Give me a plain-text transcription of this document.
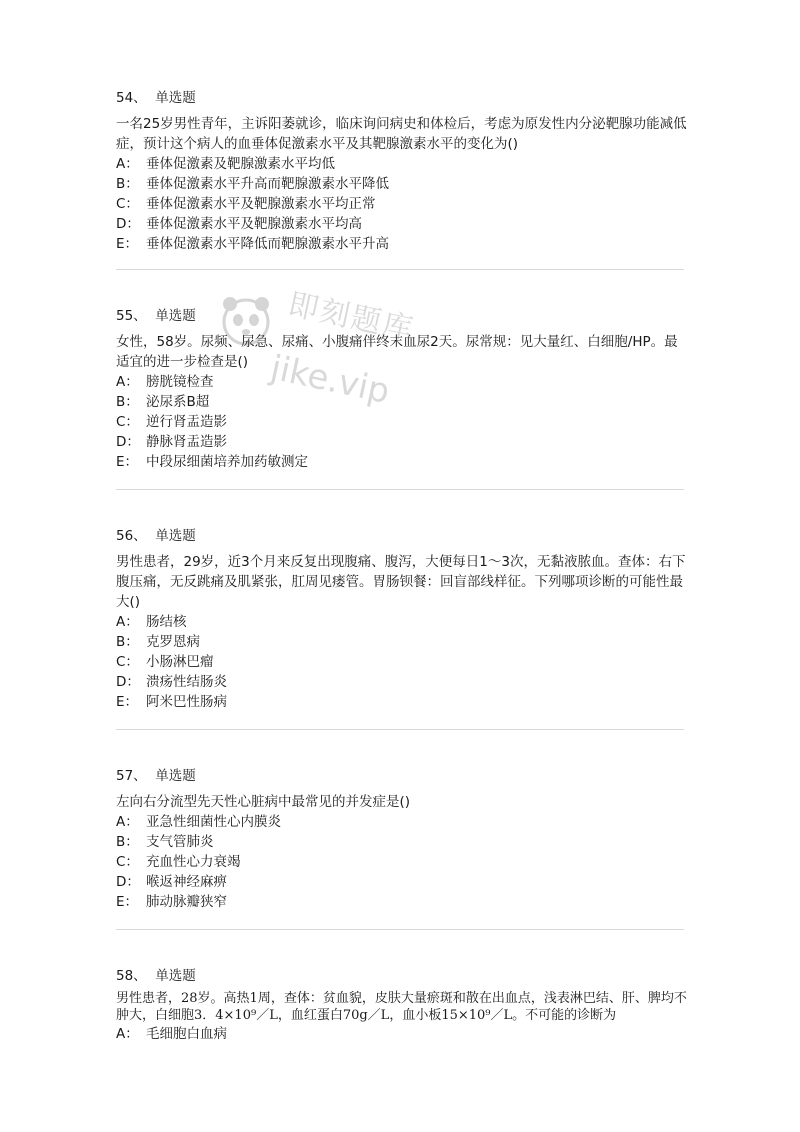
即刻题库
jike.vip
54、  单选题
一名25岁男性青年，主诉阳萎就诊，临床询问病史和体检后，考虑为原发性内分泌靶腺功能减低症，预计这个病人的血垂体促激素水平及其靶腺激素水平的变化为()
A： 垂体促激素及靶腺激素水平均低
B： 垂体促激素水平升高而靶腺激素水平降低
C： 垂体促激素水平及靶腺激素水平均正常
D： 垂体促激素水平及靶腺激素水平均高
E： 垂体促激素水平降低而靶腺激素水平升高
55、  单选题
女性，58岁。尿频、尿急、尿痛、小腹痛伴终末血尿2天。尿常规：见大量红、白细胞/HP。最适宜的进一步检查是()
A： 膀胱镜检查
B： 泌尿系B超
C： 逆行肾盂造影
D： 静脉肾盂造影
E： 中段尿细菌培养加药敏测定
56、  单选题
男性患者，29岁，近3个月来反复出现腹痛、腹泻，大便每日1～3次，无黏液脓血。查体：右下腹压痛，无反跳痛及肌紧张，肛周见瘘管。胃肠钡餐：回盲部线样征。下列哪项诊断的可能性最大()
A： 肠结核
B： 克罗恩病
C： 小肠淋巴瘤
D： 溃疡性结肠炎
E： 阿米巴性肠病
57、  单选题
左向右分流型先天性心脏病中最常见的并发症是()
A： 亚急性细菌性心内膜炎
B： 支气管肺炎
C： 充血性心力衰竭
D： 喉返神经麻痹
E： 肺动脉瓣狭窄
58、  单选题
男性患者，28岁。高热1周，查体：贫血貌，皮肤大量瘀斑和散在出血点，浅表淋巴结、肝、脾均不肿大，白细胞3．4×10⁹／L，血红蛋白70g／L，血小板15×10⁹／L。不可能的诊断为
A： 毛细胞白血病
